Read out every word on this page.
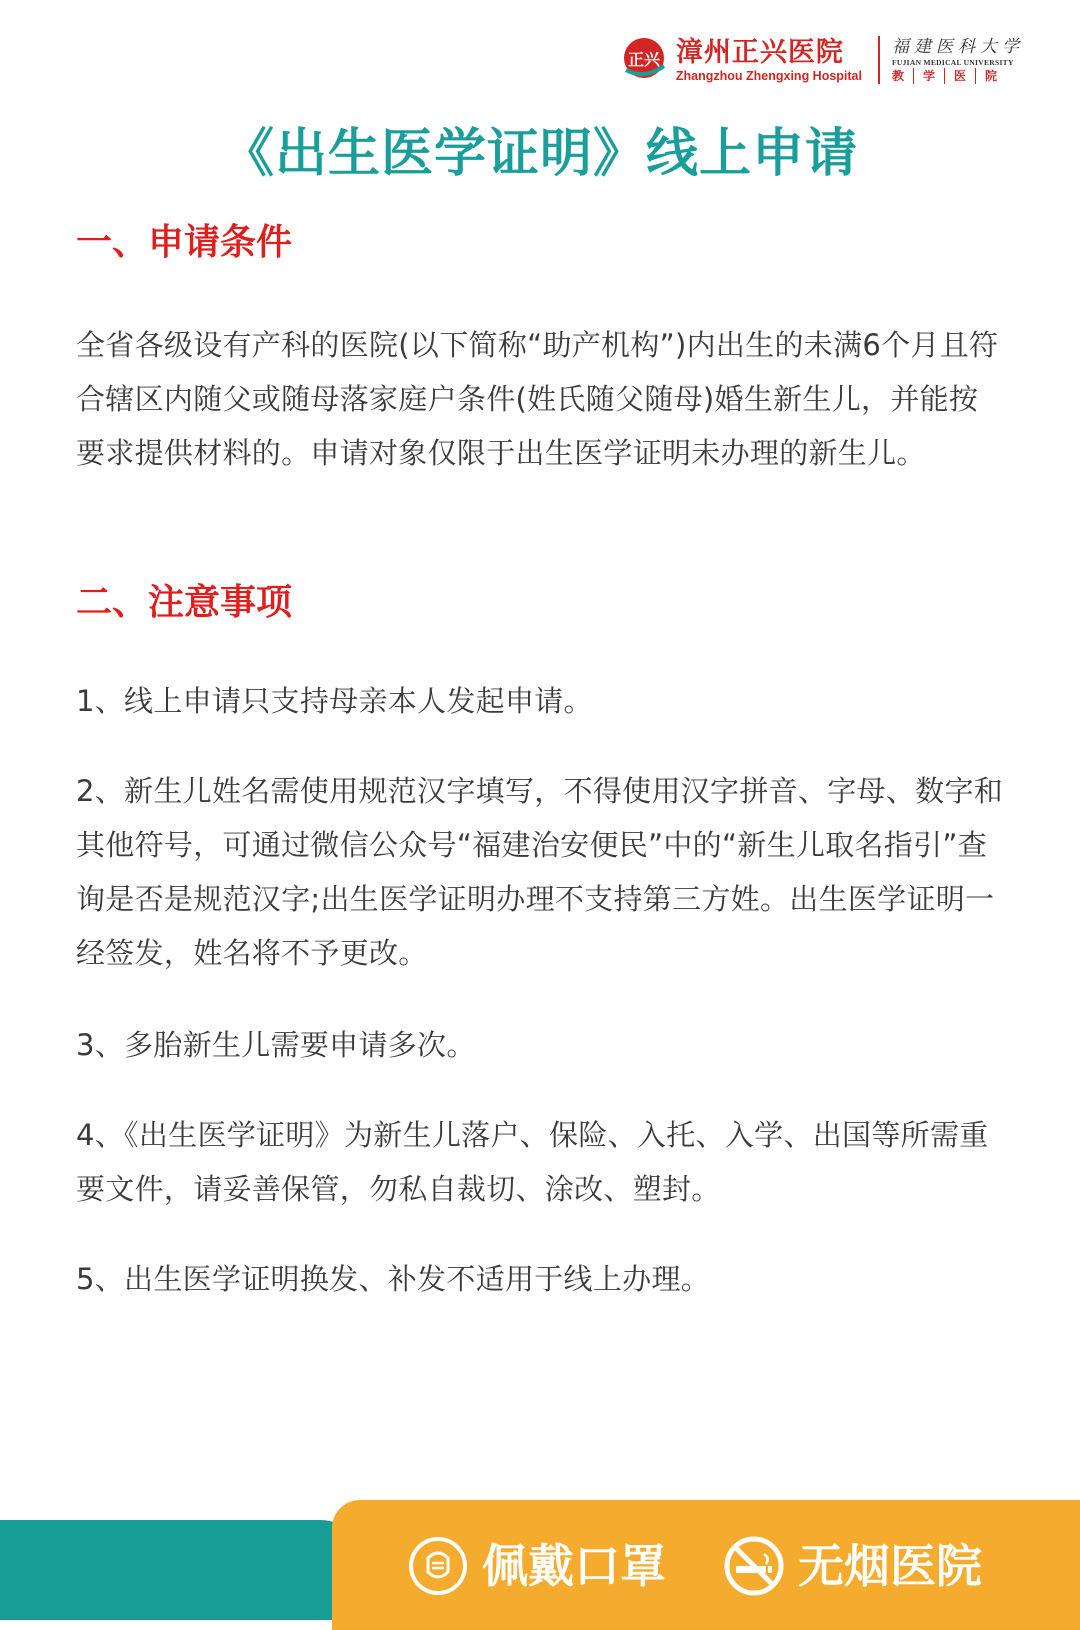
正兴 漳州正兴医院
Zhangzhou Zhengxing Hospital
福建医科大学
FUJIAN MEDICAL UNIVERSITY
教	学	医	院
《出生医学证明》线上申请
一、申请条件

全省各级设有产科的医院(以下简称“助产机构”)内出生的未满6个月且符合辖区内随父或随母落家庭户条件(姓氏随父随母)婚生新生儿，并能按要求提供材料的。申请对象仅限于出生医学证明未办理的新生儿。

二、注意事项

1、线上申请只支持母亲本人发起申请。

2、新生儿姓名需使用规范汉字填写，不得使用汉字拼音、字母、数字和其他符号，可通过微信公众号“福建治安便民”中的“新生儿取名指引”查询是否是规范汉字;出生医学证明办理不支持第三方姓。出生医学证明一经签发，姓名将不予更改。

3、多胎新生儿需要申请多次。

4、《出生医学证明》为新生儿落户、保险、入托、入学、出国等所需重要文件，请妥善保管，勿私自裁切、涂改、塑封。

5、出生医学证明换发、补发不适用于线上办理。

佩戴口罩	无烟医院
